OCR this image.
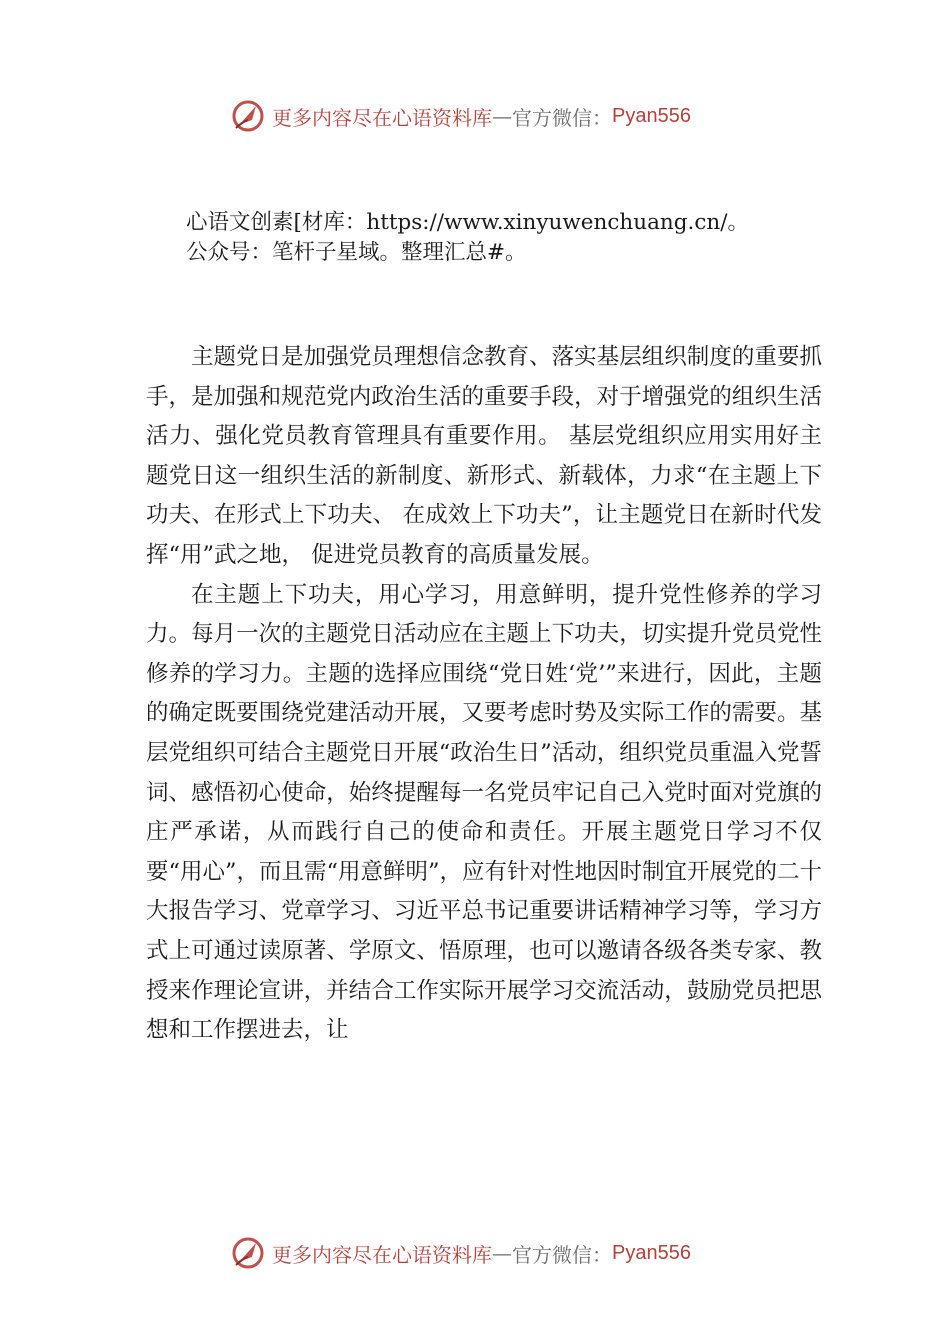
更多内容尽在心语资料库 — 官方微信： Pyan556
心语文创素[材库：https://www.xinyuwenchuang.cn/。
公众号：笔杆子星域。整理汇总#。

主题党日是加强党员理想信念教育、落实基层组织制度的重要抓手，是加强和规范党内政治生活的重要手段，对于增强党的组织生活活力、强化党员教育管理具有重要作用。 基层党组织应用实用好主题党日这一组织生活的新制度、新形式、新载体，力求“在主题上下功夫、在形式上下功夫、 在成效上下功夫”，让主题党日在新时代发挥“用”武之地， 促进党员教育的高质量发展。

在主题上下功夫，用心学习，用意鲜明，提升党性修养的学习力。每月一次的主题党日活动应在主题上下功夫，切实提升党员党性修养的学习力。主题的选择应围绕“党日姓‘党’”来进行，因此，主题的确定既要围绕党建活动开展，又要考虑时势及实际工作的需要。基层党组织可结合主题党日开展“政治生日”活动，组织党员重温入党誓词、感悟初心使命，始终提醒每一名党员牢记自己入党时面对党旗的庄严承诺，从而践行自己的使命和责任。开展主题党日学习不仅要“用心”，而且需“用意鲜明”，应有针对性地因时制宜开展党的二十大报告学习、党章学习、习近平总书记重要讲话精神学习等，学习方式上可通过读原著、学原文、悟原理，也可以邀请各级各类专家、教授来作理论宣讲，并结合工作实际开展学习交流活动，鼓励党员把思想和工作摆进去，让

更多内容尽在心语资料库 — 官方微信： Pyan556
